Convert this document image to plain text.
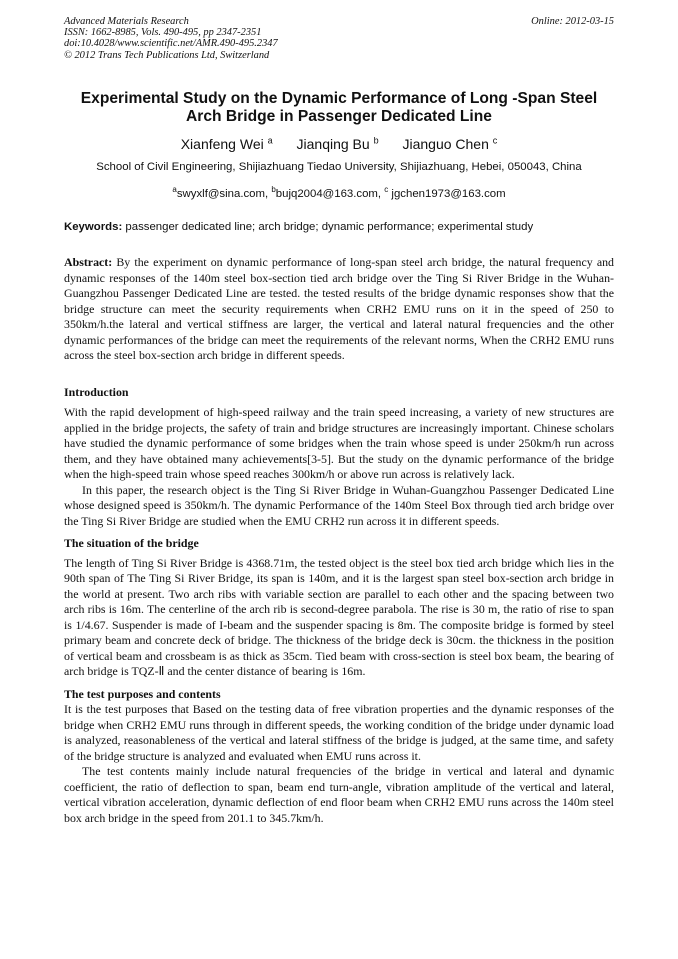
Advanced Materials Research
ISSN: 1662-8985, Vols. 490-495, pp 2347-2351
doi:10.4028/www.scientific.net/AMR.490-495.2347
© 2012 Trans Tech Publications Ltd, Switzerland
Online: 2012-03-15
Experimental Study on the Dynamic Performance of Long -Span Steel
Arch Bridge in Passenger Dedicated Line
Xianfeng Wei $^a$ Jianqing Bu $^b$ Jianguo Chen $^c$
School of Civil Engineering, Shijiazhuang Tiedao University, Shijiazhuang, Hebei, 050043, China
$^a$swyxlf@sina.com, $^b$bujq2004@163.com, $^c$ jgchen1973@163.com
Keywords: passenger dedicated line; arch bridge; dynamic performance; experimental study
Abstract: By the experiment on dynamic performance of long-span steel arch bridge, the natural frequency and dynamic responses of the 140m steel box-section tied arch bridge over the Ting Si River Bridge in the Wuhan-Guangzhou Passenger Dedicated Line are tested. the tested results of the bridge dynamic responses show that the bridge structure can meet the security requirements when CRH2 EMU runs on it in the speed of 250 to 350km/h.the lateral and vertical stiffness are larger, the vertical and lateral natural frequencies and the other dynamic performances of the bridge can meet the requirements of the relevant norms, When the CRH2 EMU runs across the steel box-section arch bridge in different speeds.
Introduction

With the rapid development of high-speed railway and the train speed increasing, a variety of new structures are applied in the bridge projects, the safety of train and bridge structures are increasingly important. Chinese scholars have studied the dynamic performance of some bridges when the train whose speed is under 250km/h run across them, and they have obtained many achievements[3-5]. But the study on the dynamic performance of the bridge when the high-speed train whose speed reaches 300km/h or above run across is relatively lack.

In this paper, the research object is the Ting Si River Bridge in Wuhan-Guangzhou Passenger Dedicated Line whose designed speed is 350km/h. The dynamic Performance of the 140m Steel Box through tied arch bridge over the Ting Si River Bridge are studied when the EMU CRH2 run across it in different speeds.

The situation of the bridge

The length of Ting Si River Bridge is 4368.71m, the tested object is the steel box tied arch bridge which lies in the 90th span of The Ting Si River Bridge, its span is 140m, and it is the largest span steel box-section arch bridge in the world at present. Two arch ribs with variable section are parallel to each other and the spacing between two arch ribs is 16m. The centerline of the arch rib is second-degree parabola. The rise is 30 m, the ratio of rise to span is 1/4.67. Suspender is made of I-beam and the suspender spacing is 8m. The composite bridge is formed by steel primary beam and concrete deck of bridge. The thickness of the bridge deck is 30cm. the thickness in the position of vertical beam and crossbeam is as thick as 35cm. Tied beam with cross-section is steel box beam, the bearing of arch bridge is TQZ-Ⅱ and the center distance of bearing is 16m.

The test purposes and contents

It is the test purposes that Based on the testing data of free vibration properties and the dynamic responses of the bridge when CRH2 EMU runs through in different speeds, the working condition of the bridge under dynamic load is analyzed, reasonableness of the vertical and lateral stiffness of the bridge is judged, at the same time, and safety of the bridge structure is analyzed and evaluated when EMU runs across it.

The test contents mainly include natural frequencies of the bridge in vertical and lateral and dynamic coefficient, the ratio of deflection to span, beam end turn-angle, vibration amplitude of the vertical and lateral, vertical vibration acceleration, dynamic deflection of end floor beam when CRH2 EMU runs across the 140m steel box arch bridge in the speed from 201.1 to 345.7km/h.
